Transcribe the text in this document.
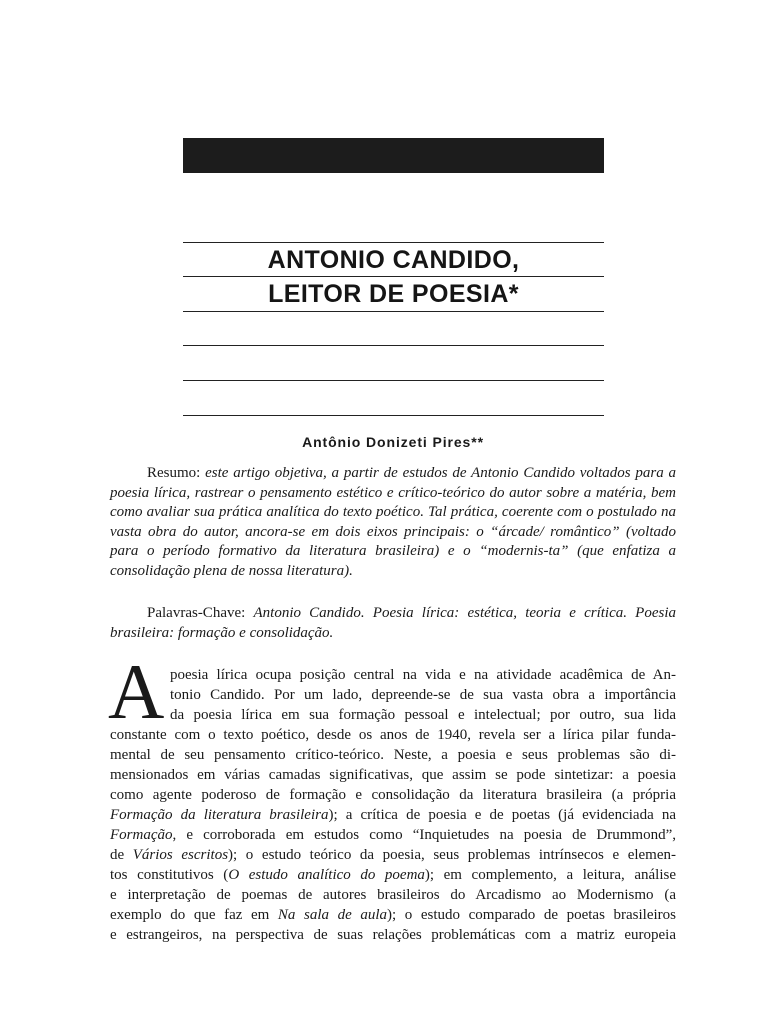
ANTONIO CANDIDO,
LEITOR DE POESIA*
Antônio Donizeti Pires**
Resumo: este artigo objetiva, a partir de estudos de Antonio Candido voltados para a poesia lírica, rastrear o pensamento estético e crítico-teórico do autor sobre a matéria, bem como avaliar sua prática analítica do texto poético. Tal prática, coerente com o postulado na vasta obra do autor, ancora-se em dois eixos principais: o “árcade/ romântico” (voltado para o período formativo da literatura brasileira) e o “modernis-ta” (que enfatiza a consolidação plena de nossa literatura).
Palavras-Chave: Antonio Candido. Poesia lírica: estética, teoria e crítica. Poesia brasileira: formação e consolidação.
A poesia lírica ocupa posição central na vida e na atividade acadêmica de An-
tonio Candido. Por um lado, depreende-se de sua vasta obra a importância
da poesia lírica em sua formação pessoal e intelectual; por outro, sua lida
constante com o texto poético, desde os anos de 1940, revela ser a lírica pilar funda-
mental de seu pensamento crítico-teórico. Neste, a poesia e seus problemas são di-
mensionados em várias camadas significativas, que assim se pode sintetizar: a poesia
como agente poderoso de formação e consolidação da literatura brasileira (a própria
Formação da literatura brasileira); a crítica de poesia e de poetas (já evidenciada na
Formação, e corroborada em estudos como “Inquietudes na poesia de Drummond”,
de Vários escritos); o estudo teórico da poesia, seus problemas intrínsecos e elemen-
tos constitutivos (O estudo analítico do poema); em complemento, a leitura, análise
e interpretação de poemas de autores brasileiros do Arcadismo ao Modernismo (a
exemplo do que faz em Na sala de aula); o estudo comparado de poetas brasileiros
e estrangeiros, na perspectiva de suas relações problemáticas com a matriz europeia
